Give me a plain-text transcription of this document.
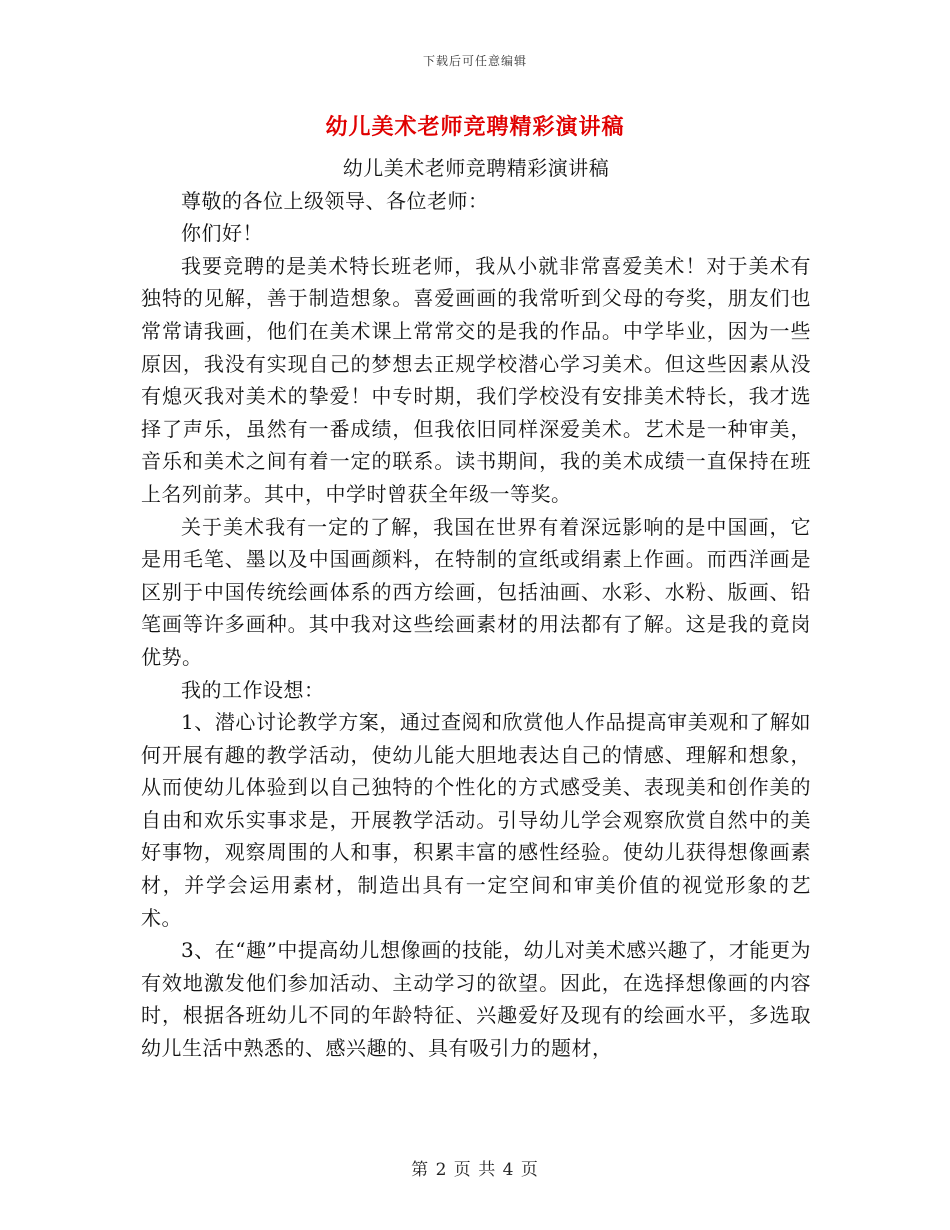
下载后可任意编辑
幼儿美术老师竞聘精彩演讲稿

幼儿美术老师竞聘精彩演讲稿

尊敬的各位上级领导、各位老师：

你们好！

我要竞聘的是美术特长班老师，我从小就非常喜爱美术！对于美术有独特的见解，善于制造想象。喜爱画画的我常听到父母的夸奖，朋友们也常常请我画，他们在美术课上常常交的是我的作品。中学毕业，因为一些原因，我没有实现自己的梦想去正规学校潜心学习美术。但这些因素从没有熄灭我对美术的挚爱！中专时期，我们学校没有安排美术特长，我才选择了声乐，虽然有一番成绩，但我依旧同样深爱美术。艺术是一种审美，音乐和美术之间有着一定的联系。读书期间，我的美术成绩一直保持在班上名列前茅。其中，中学时曾获全年级一等奖。

关于美术我有一定的了解，我国在世界有着深远影响的是中国画，它是用毛笔、墨以及中国画颜料，在特制的宣纸或绢素上作画。而西洋画是区别于中国传统绘画体系的西方绘画，包括油画、水彩、水粉、版画、铅笔画等许多画种。其中我对这些绘画素材的用法都有了解。这是我的竟岗优势。

我的工作设想：

1、潜心讨论教学方案，通过查阅和欣赏他人作品提高审美观和了解如何开展有趣的教学活动，使幼儿能大胆地表达自己的情感、理解和想象，从而使幼儿体验到以自己独特的个性化的方式感受美、表现美和创作美的自由和欢乐实事求是，开展教学活动。引导幼儿学会观察欣赏自然中的美好事物，观察周围的人和事，积累丰富的感性经验。使幼儿获得想像画素材，并学会运用素材，制造出具有一定空间和审美价值的视觉形象的艺术。

3、在“趣”中提高幼儿想像画的技能，幼儿对美术感兴趣了，才能更为有效地激发他们参加活动、主动学习的欲望。因此，在选择想像画的内容时，根据各班幼儿不同的年龄特征、兴趣爱好及现有的绘画水平，多选取幼儿生活中熟悉的、感兴趣的、具有吸引力的题材，

第 2 页 共 4 页
